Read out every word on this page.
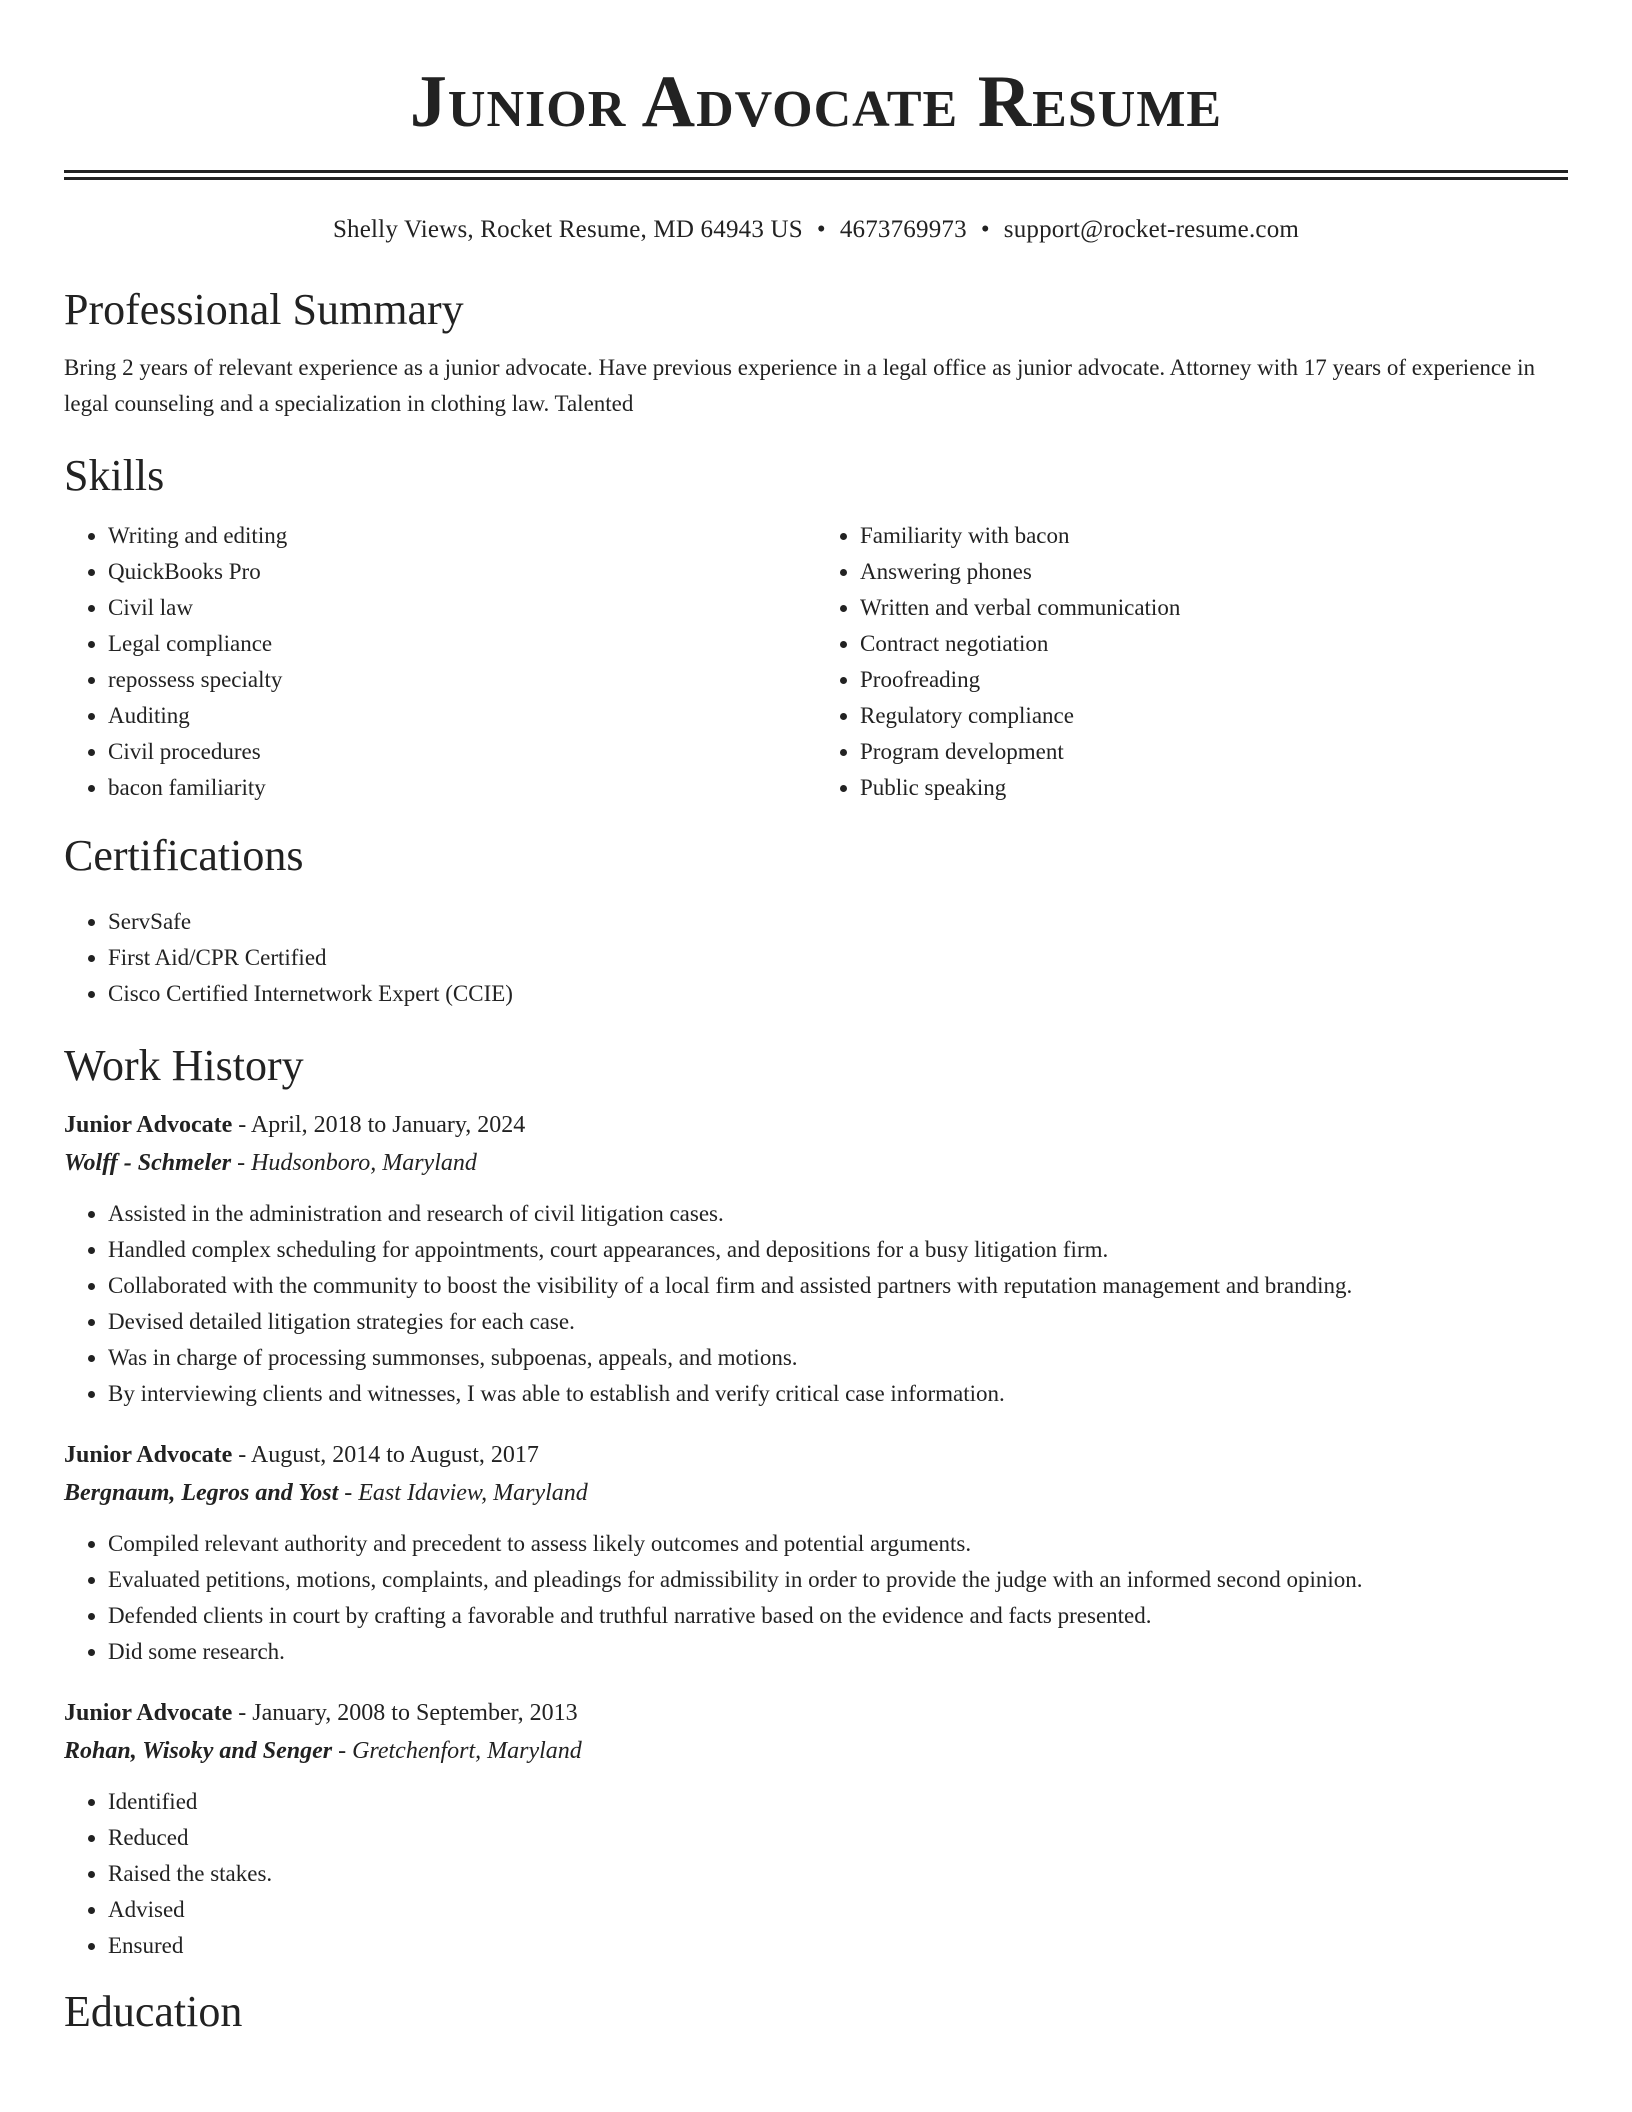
Junior Advocate Resume
Shelly Views, Rocket Resume, MD 64943 US • 4673769973 • support@rocket-resume.com
Professional Summary

Bring 2 years of relevant experience as a junior advocate. Have previous experience in a legal office as junior advocate. Attorney with 17 years of experience in legal counseling and a specialization in clothing law. Talented

Skills
• Writing and editing
• QuickBooks Pro
• Civil law
• Legal compliance
• repossess specialty
• Auditing
• Civil procedures
• bacon familiarity
• Familiarity with bacon
• Answering phones
• Written and verbal communication
• Contract negotiation
• Proofreading
• Regulatory compliance
• Program development
• Public speaking
Certifications
• ServSafe
• First Aid/CPR Certified
• Cisco Certified Internetwork Expert (CCIE)
Work History
Junior Advocate - April, 2018 to January, 2024
Wolff - Schmeler - Hudsonboro, Maryland
• Assisted in the administration and research of civil litigation cases.
• Handled complex scheduling for appointments, court appearances, and depositions for a busy litigation firm.
• Collaborated with the community to boost the visibility of a local firm and assisted partners with reputation management and branding.
• Devised detailed litigation strategies for each case.
• Was in charge of processing summonses, subpoenas, appeals, and motions.
• By interviewing clients and witnesses, I was able to establish and verify critical case information.
Junior Advocate - August, 2014 to August, 2017
Bergnaum, Legros and Yost - East Idaview, Maryland
• Compiled relevant authority and precedent to assess likely outcomes and potential arguments.
• Evaluated petitions, motions, complaints, and pleadings for admissibility in order to provide the judge with an informed second opinion.
• Defended clients in court by crafting a favorable and truthful narrative based on the evidence and facts presented.
• Did some research.
Junior Advocate - January, 2008 to September, 2013
Rohan, Wisoky and Senger - Gretchenfort, Maryland
• Identified
• Reduced
• Raised the stakes.
• Advised
• Ensured
Education
